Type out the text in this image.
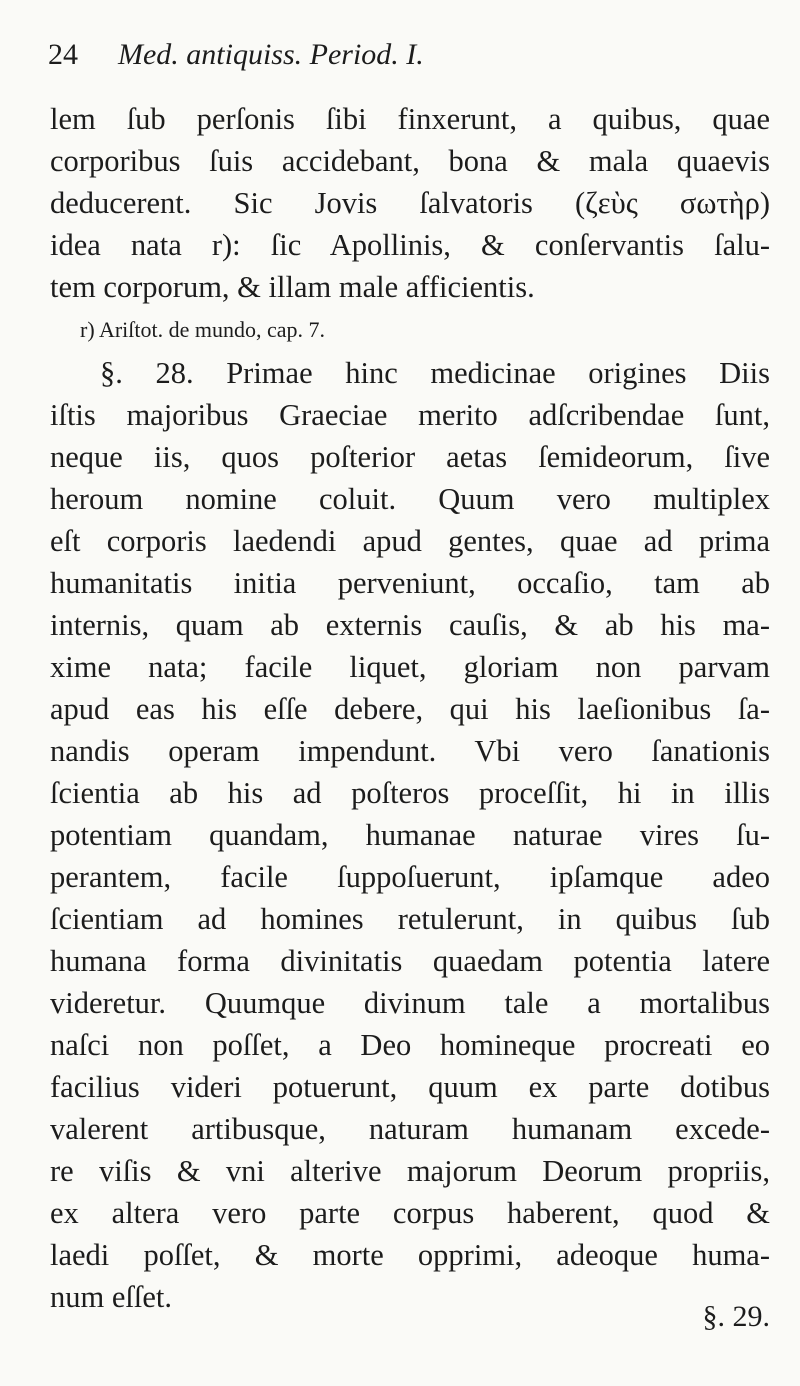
24 Med. antiquiss. Period. I.
lem ſub perſonis ſibi finxerunt, a quibus, quae
corporibus ſuis accidebant, bona & mala quaevis
deducerent. Sic Jovis ſalvatoris (ζεὺς σωτὴρ)
idea nata r): ſic Apollinis, & conſervantis ſalu-
tem corporum, & illam male afficientis.
r) Ariſtot. de mundo, cap. 7.
§. 28. Primae hinc medicinae origines Diis
iſtis majoribus Graeciae merito adſcribendae ſunt,
neque iis, quos poſterior aetas ſemideorum, ſive
heroum nomine coluit. Quum vero multiplex
eſt corporis laedendi apud gentes, quae ad prima
humanitatis initia perveniunt, occaſio, tam ab
internis, quam ab externis cauſis, & ab his ma-
xime nata; facile liquet, gloriam non parvam
apud eas his eſſe debere, qui his laeſionibus ſa-
nandis operam impendunt. Vbi vero ſanationis
ſcientia ab his ad poſteros proceſſit, hi in illis
potentiam quandam, humanae naturae vires ſu-
perantem, facile ſuppoſuerunt, ipſamque adeo
ſcientiam ad homines retulerunt, in quibus ſub
humana forma divinitatis quaedam potentia latere
videretur. Quumque divinum tale a mortalibus
naſci non poſſet, a Deo homineque procreati eo
facilius videri potuerunt, quum ex parte dotibus
valerent artibusque, naturam humanam excede-
re viſis & vni alterive majorum Deorum propriis,
ex altera vero parte corpus haberent, quod &
laedi poſſet, & morte opprimi, adeoque huma-
num eſſet.
§. 29.
